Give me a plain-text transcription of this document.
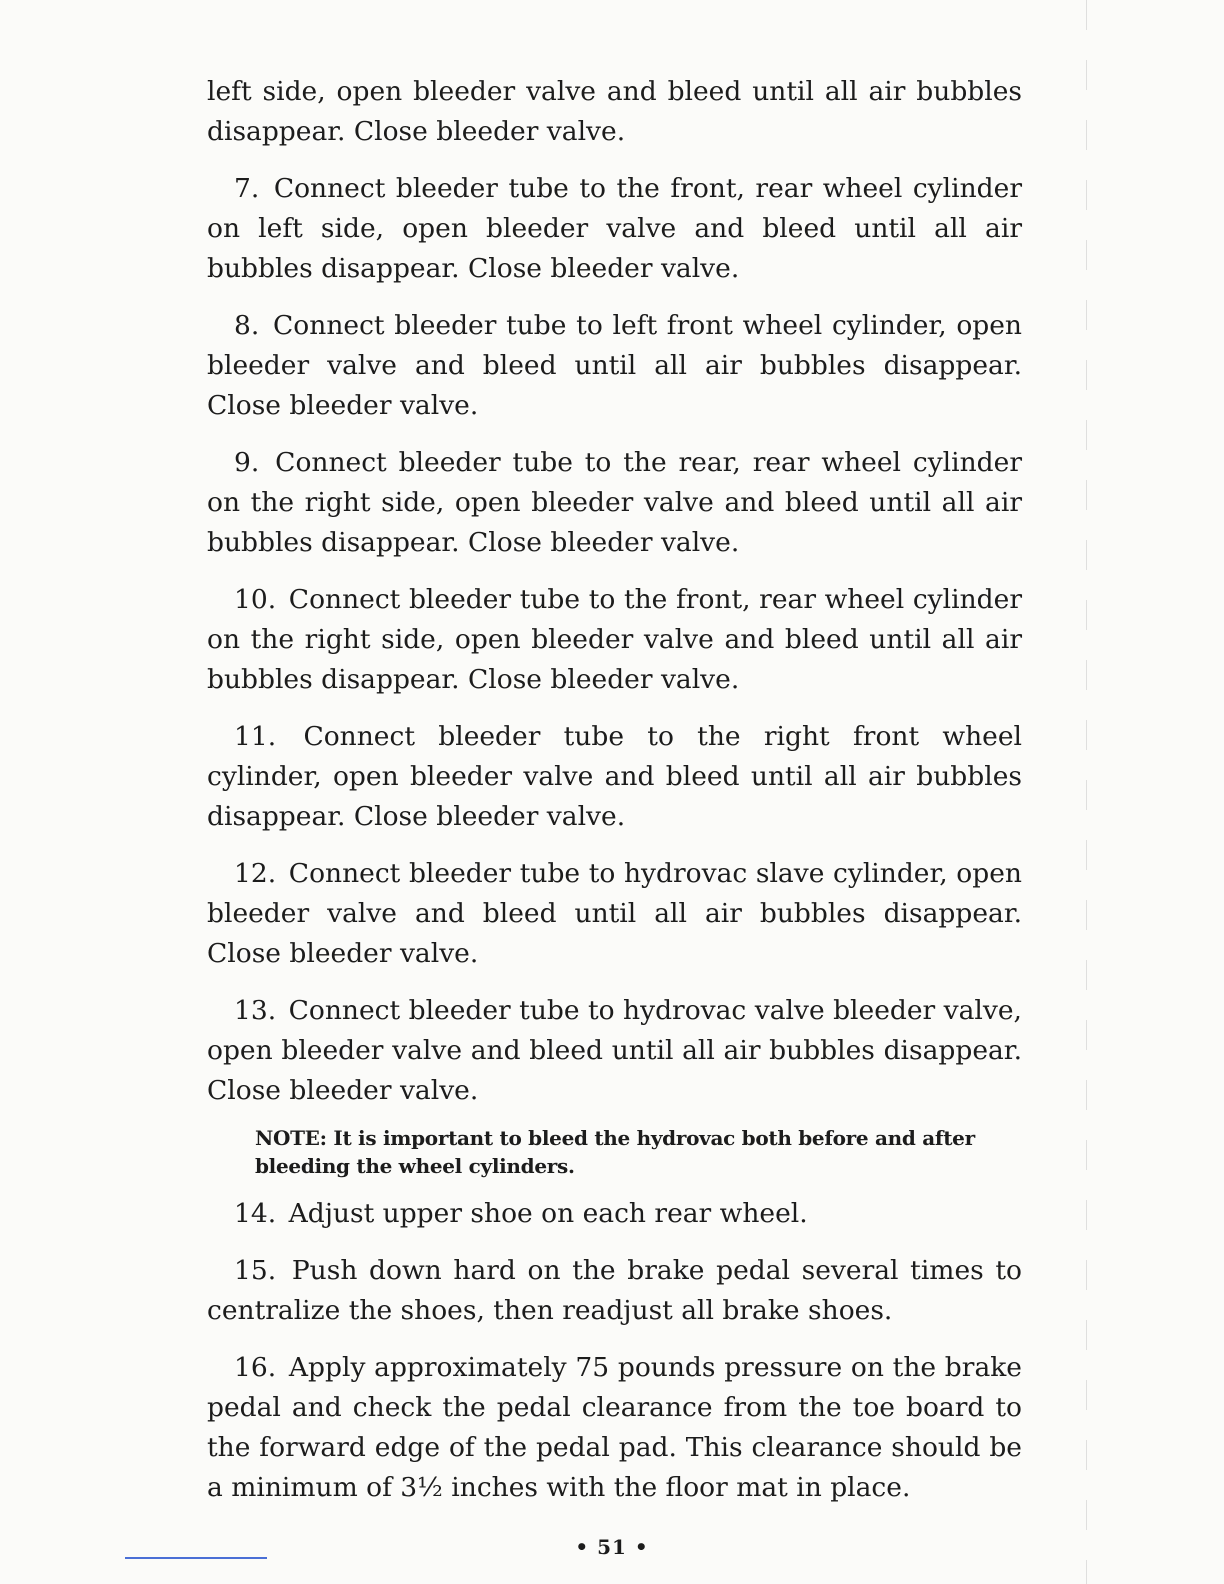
left side, open bleeder valve and bleed until all air bubbles disappear. Close bleeder valve.

7. Connect bleeder tube to the front, rear wheel cylinder on left side, open bleeder valve and bleed until all air bubbles disappear. Close bleeder valve.

8. Connect bleeder tube to left front wheel cylinder, open bleeder valve and bleed until all air bubbles disappear. Close bleeder valve.

9. Connect bleeder tube to the rear, rear wheel cylinder on the right side, open bleeder valve and bleed until all air bubbles disappear. Close bleeder valve.

10. Connect bleeder tube to the front, rear wheel cylinder on the right side, open bleeder valve and bleed until all air bubbles disappear. Close bleeder valve.

11. Connect bleeder tube to the right front wheel cylinder, open bleeder valve and bleed until all air bubbles disappear. Close bleeder valve.

12. Connect bleeder tube to hydrovac slave cylinder, open bleeder valve and bleed until all air bubbles disappear. Close bleeder valve.

13. Connect bleeder tube to hydrovac valve bleeder valve, open bleeder valve and bleed until all air bubbles disappear. Close bleeder valve.

NOTE: It is important to bleed the hydrovac both before and after bleeding the wheel cylinders.

14. Adjust upper shoe on each rear wheel.

15. Push down hard on the brake pedal several times to centralize the shoes, then readjust all brake shoes.

16. Apply approximately 75 pounds pressure on the brake pedal and check the pedal clearance from the toe board to the forward edge of the pedal pad. This clearance should be a minimum of 3½ inches with the floor mat in place.

• 51 •
